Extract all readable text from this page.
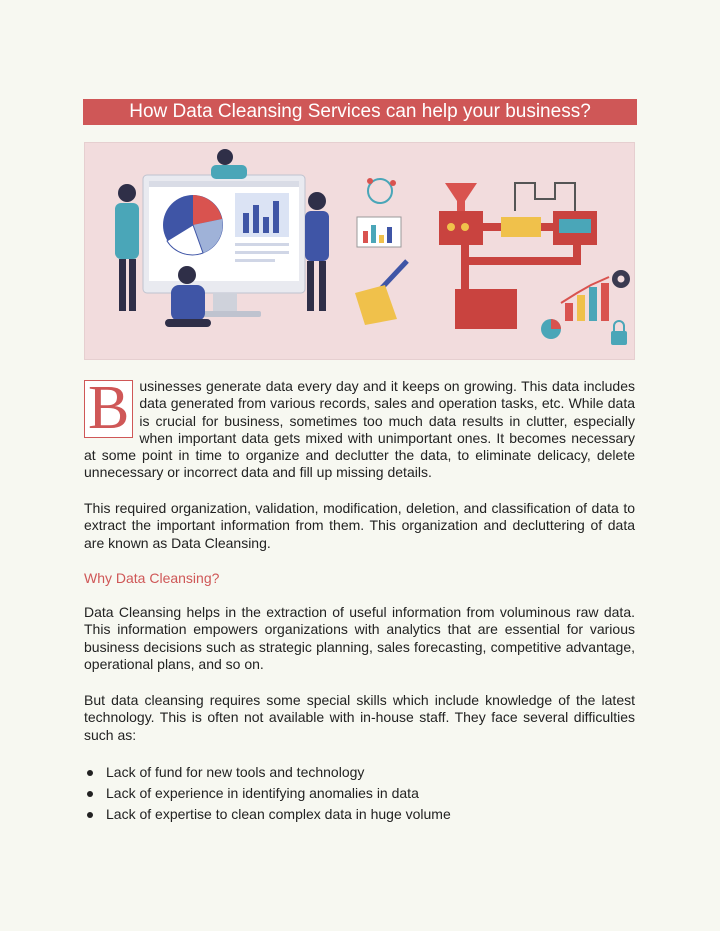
How Data Cleansing Services can help your business?
B usinesses generate data every day and it keeps on growing. This data includes data generated from various records, sales and operation tasks, etc. While data is crucial for business, sometimes too much data results in clutter, especially when important data gets mixed with unimportant ones. It becomes necessary at some point in time to organize and declutter the data, to eliminate delicacy, delete unnecessary or incorrect data and fill up missing details.
This required organization, validation, modification, deletion, and classification of data to extract the important information from them. This organization and decluttering of data are known as Data Cleansing.
Why Data Cleansing?
Data Cleansing helps in the extraction of useful information from voluminous raw data. This information empowers organizations with analytics that are essential for various business decisions such as strategic planning, sales forecasting, competitive advantage, operational plans, and so on.
But data cleansing requires some special skills which include knowledge of the latest technology. This is often not available with in-house staff. They face several difficulties such as:
Lack of fund for new tools and technology
Lack of experience in identifying anomalies in data
Lack of expertise to clean complex data in huge volume
